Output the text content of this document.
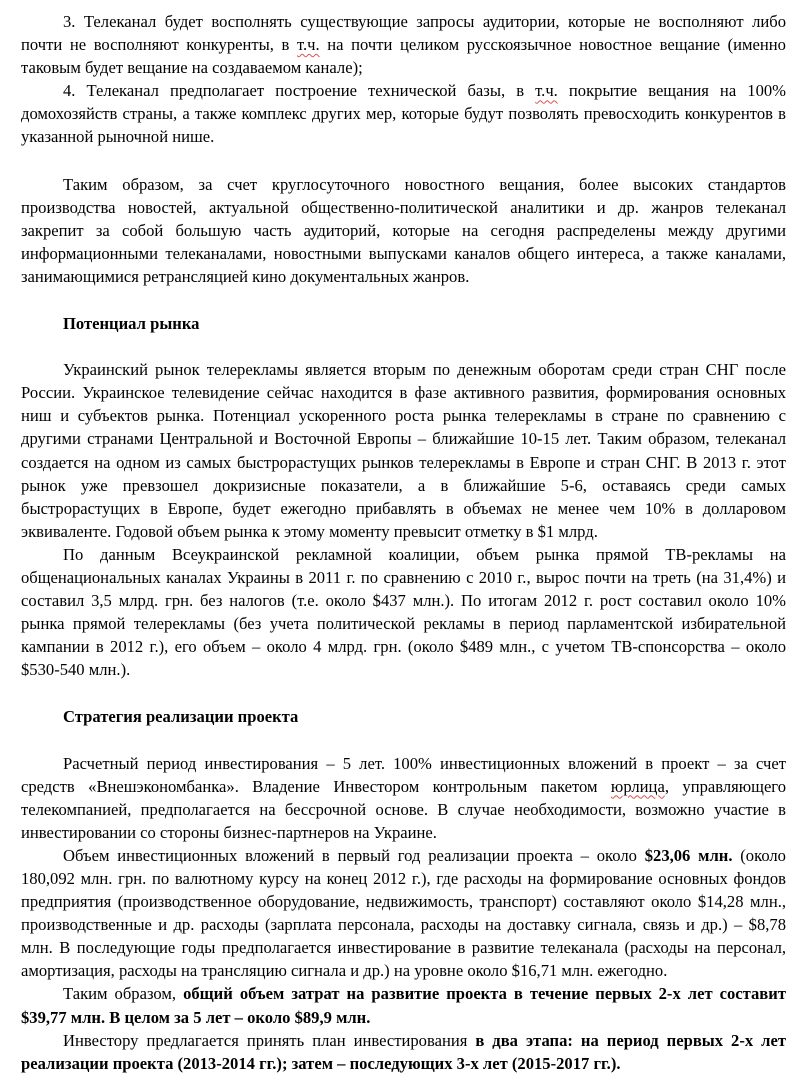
3. Телеканал будет восполнять существующие запросы аудитории, которые не восполняют либо почти не восполняют конкуренты, в т.ч. на почти целиком русскоязычное новостное вещание (именно таковым будет вещание на создаваемом канале);

4. Телеканал предполагает построение технической базы, в т.ч. покрытие вещания на 100% домохозяйств страны, а также комплекс других мер, которые будут позволять превосходить конкурентов в указанной рыночной нише.

Таким образом, за счет круглосуточного новостного вещания, более высоких стандартов производства новостей, актуальной общественно-политической аналитики и др. жанров телеканал закрепит за собой большую часть аудиторий, которые на сегодня распределены между другими информационными телеканалами, новостными выпусками каналов общего интереса, а также каналами, занимающимися ретрансляцией кино документальных жанров.

Потенциал рынка

Украинский рынок телерекламы является вторым по денежным оборотам среди стран СНГ после России. Украинское телевидение сейчас находится в фазе активного развития, формирования основных ниш и субъектов рынка. Потенциал ускоренного роста рынка телерекламы в стране по сравнению с другими странами Центральной и Восточной Европы – ближайшие 10-15 лет. Таким образом, телеканал создается на одном из самых быстрорастущих рынков телерекламы в Европе и стран СНГ. В 2013 г. этот рынок уже превзошел докризисные показатели, а в ближайшие 5-6, оставаясь среди самых быстрорастущих в Европе, будет ежегодно прибавлять в объемах не менее чем 10% в долларовом эквиваленте. Годовой объем рынка к этому моменту превысит отметку в $1 млрд.

По данным Всеукраинской рекламной коалиции, объем рынка прямой ТВ-рекламы на общенациональных каналах Украины в 2011 г. по сравнению с 2010 г., вырос почти на треть (на 31,4%) и составил 3,5 млрд. грн. без налогов (т.е. около $437 млн.). По итогам 2012 г. рост составил около 10% рынка прямой телерекламы (без учета политической рекламы в период парламентской избирательной кампании в 2012 г.), его объем – около 4 млрд. грн. (около $489 млн., с учетом ТВ-спонсорства – около $530-540 млн.).

Стратегия реализации проекта

Расчетный период инвестирования – 5 лет. 100% инвестиционных вложений в проект – за счет средств «Внешэкономбанка». Владение Инвестором контрольным пакетом юрлица, управляющего телекомпанией, предполагается на бессрочной основе. В случае необходимости, возможно участие в инвестировании со стороны бизнес-партнеров на Украине.

Объем инвестиционных вложений в первый год реализации проекта – около $23,06 млн. (около 180,092 млн. грн. по валютному курсу на конец 2012 г.), где расходы на формирование основных фондов предприятия (производственное оборудование, недвижимость, транспорт) составляют около $14,28 млн., производственные и др. расходы (зарплата персонала, расходы на доставку сигнала, связь и др.) – $8,78 млн. В последующие годы предполагается инвестирование в развитие телеканала (расходы на персонал, амортизация, расходы на трансляцию сигнала и др.) на уровне около $16,71 млн. ежегодно.

Таким образом, общий объем затрат на развитие проекта в течение первых 2-х лет составит $39,77 млн. В целом за 5 лет – около $89,9 млн.

Инвестору предлагается принять план инвестирования в два этапа: на период первых 2-х лет реализации проекта (2013-2014 гг.); затем – последующих 3-х лет (2015-2017 гг.).
